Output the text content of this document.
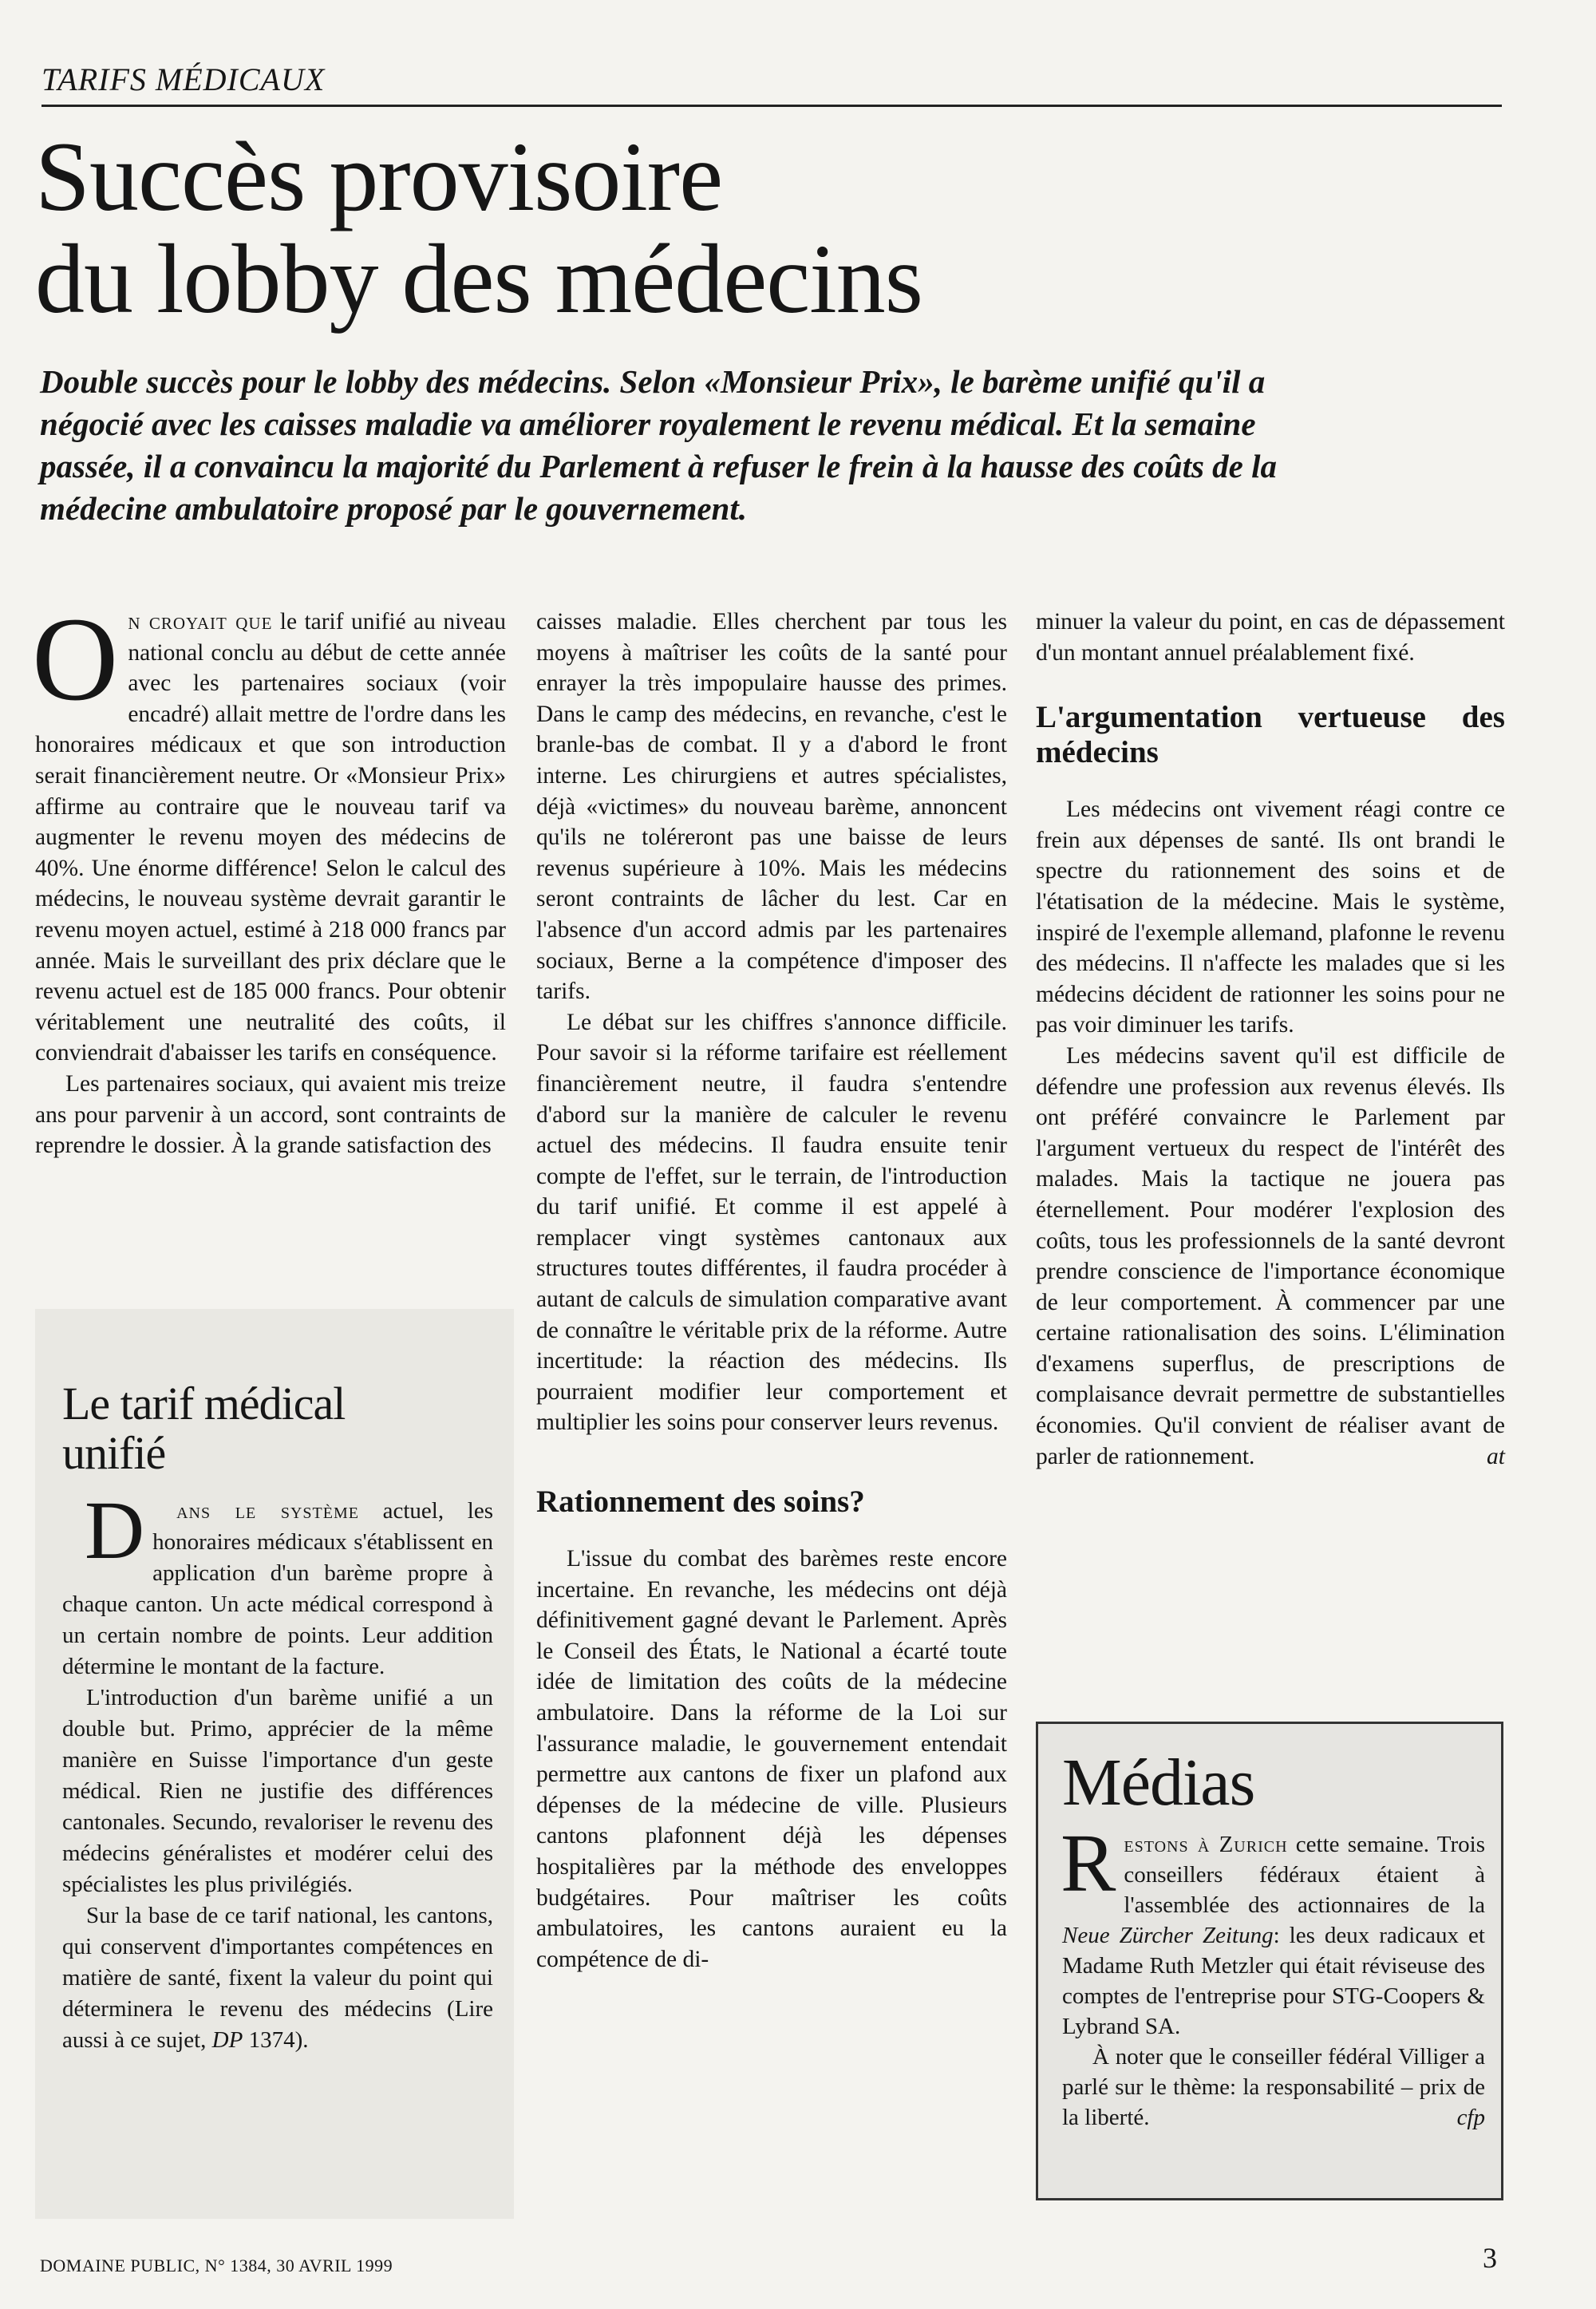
TARIFS MÉDICAUX
Succès provisoire
du lobby des médecins

Double succès pour le lobby des médecins. Selon «Monsieur Prix», le barème unifié qu'il a négocié avec les caisses maladie va améliorer royalement le revenu médical. Et la semaine passée, il a convaincu la majorité du Parlement à refuser le frein à la hausse des coûts de la médecine ambulatoire proposé par le gouvernement.

On croyait que le tarif unifié au niveau national conclu au début de cette année avec les partenaires sociaux (voir encadré) allait mettre de l'ordre dans les honoraires médicaux et que son introduction serait financièrement neutre. Or «Monsieur Prix» affirme au contraire que le nouveau tarif va augmenter le revenu moyen des médecins de 40%. Une énorme différence! Selon le calcul des médecins, le nouveau système devrait garantir le revenu moyen actuel, estimé à 218 000 francs par année. Mais le surveillant des prix déclare que le revenu actuel est de 185 000 francs. Pour obtenir véritablement une neutralité des coûts, il conviendrait d'abaisser les tarifs en conséquence.

Les partenaires sociaux, qui avaient mis treize ans pour parvenir à un accord, sont contraints de reprendre le dossier. À la grande satisfaction des

Le tarif médical
unifié

D ans le système actuel, les honoraires médicaux s'établissent en application d'un barème propre à chaque canton. Un acte médical correspond à un certain nombre de points. Leur addition détermine le montant de la facture.

L'introduction d'un barème unifié a un double but. Primo, apprécier de la même manière en Suisse l'importance d'un geste médical. Rien ne justifie des différences cantonales. Secundo, revaloriser le revenu des médecins généralistes et modérer celui des spécialistes les plus privilégiés.

Sur la base de ce tarif national, les cantons, qui conservent d'importantes compétences en matière de santé, fixent la valeur du point qui déterminera le revenu des médecins (Lire aussi à ce sujet, DP 1374).

caisses maladie. Elles cherchent par tous les moyens à maîtriser les coûts de la santé pour enrayer la très impopulaire hausse des primes. Dans le camp des médecins, en revanche, c'est le branle-bas de combat. Il y a d'abord le front interne. Les chirurgiens et autres spécialistes, déjà «victimes» du nouveau barème, annoncent qu'ils ne toléreront pas une baisse de leurs revenus supérieure à 10%. Mais les médecins seront contraints de lâcher du lest. Car en l'absence d'un accord admis par les partenaires sociaux, Berne a la compétence d'imposer des tarifs.

Le débat sur les chiffres s'annonce difficile. Pour savoir si la réforme tarifaire est réellement financièrement neutre, il faudra s'entendre d'abord sur la manière de calculer le revenu actuel des médecins. Il faudra ensuite tenir compte de l'effet, sur le terrain, de l'introduction du tarif unifié. Et comme il est appelé à remplacer vingt systèmes cantonaux aux structures toutes différentes, il faudra procéder à autant de calculs de simulation comparative avant de connaître le véritable prix de la réforme. Autre incertitude: la réaction des médecins. Ils pourraient modifier leur comportement et multiplier les soins pour conserver leurs revenus.

Rationnement des soins?

L'issue du combat des barèmes reste encore incertaine. En revanche, les médecins ont déjà définitivement gagné devant le Parlement. Après le Conseil des États, le National a écarté toute idée de limitation des coûts de la médecine ambulatoire. Dans la réforme de la Loi sur l'assurance maladie, le gouvernement entendait permettre aux cantons de fixer un plafond aux dépenses de la médecine de ville. Plusieurs cantons plafonnent déjà les dépenses hospitalières par la méthode des enveloppes budgétaires. Pour maîtriser les coûts ambulatoires, les cantons auraient eu la compétence de di-

minuer la valeur du point, en cas de dépassement d'un montant annuel préalablement fixé.

L'argumentation vertueuse des médecins

Les médecins ont vivement réagi contre ce frein aux dépenses de santé. Ils ont brandi le spectre du rationnement des soins et de l'étatisation de la médecine. Mais le système, inspiré de l'exemple allemand, plafonne le revenu des médecins. Il n'affecte les malades que si les médecins décident de rationner les soins pour ne pas voir diminuer les tarifs.

Les médecins savent qu'il est difficile de défendre une profession aux revenus élevés. Ils ont préféré convaincre le Parlement par l'argument vertueux du respect de l'intérêt des malades. Mais la tactique ne jouera pas éternellement. Pour modérer l'explosion des coûts, tous les professionnels de la santé devront prendre conscience de l'importance économique de leur comportement. À commencer par une certaine rationalisation des soins. L'élimination d'examens superflus, de prescriptions de complaisance devrait permettre de substantielles économies. Qu'il convient de réaliser avant de parler de rationnement.	at

Médias

Restons à Zurich cette semaine. Trois conseillers fédéraux étaient à l'assemblée des actionnaires de la Neue Zürcher Zeitung: les deux radicaux et Madame Ruth Metzler qui était réviseuse des comptes de l'entreprise pour STG-Coopers & Lybrand SA.

À noter que le conseiller fédéral Villiger a parlé sur le thème: la responsabilité – prix de la liberté.	cfp

DOMAINE PUBLIC, N° 1384, 30 AVRIL 1999	3
